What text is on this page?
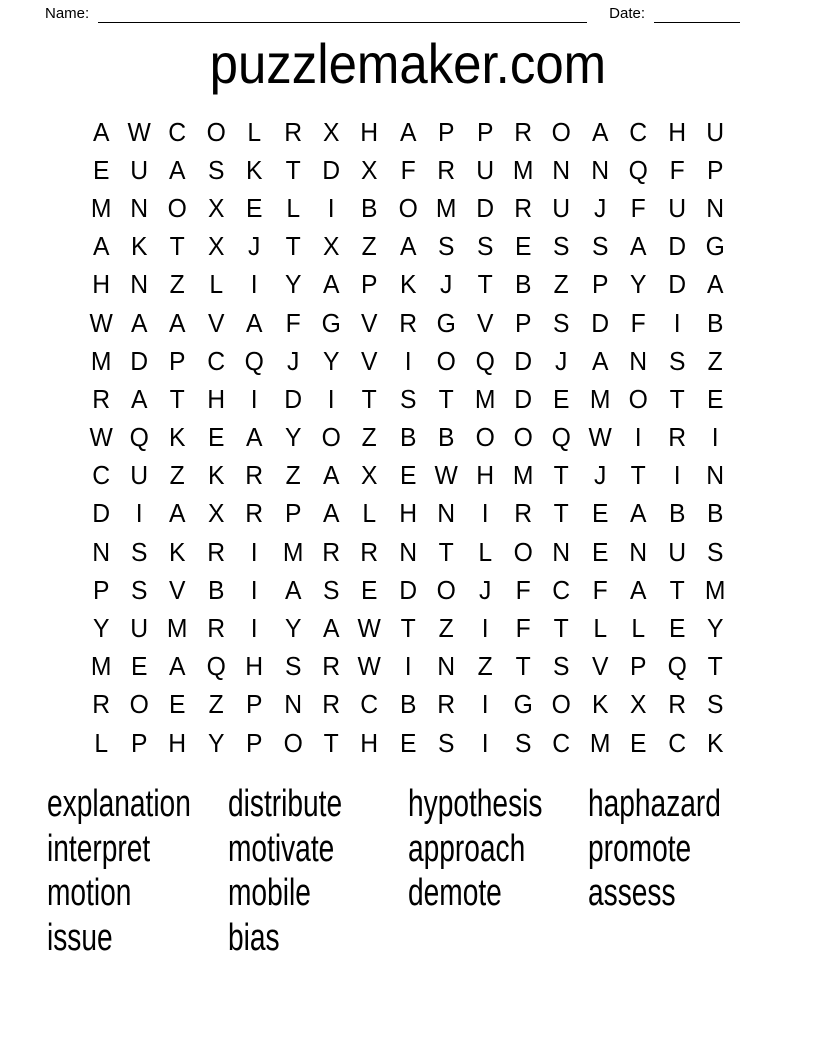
Name:	Date:
puzzlemaker.com
A W C O L R X H A P P R O A C H U
E U A S K T D X F R U M N N Q F P
M N O X E L	I	B O M D R U J F U N
A K T X J T X Z A S S E S S A D G
H N Z L	I	Y A P K J T B Z P Y D A
W A A V A F G V R G V P S D F	I	B
M D P C Q J Y V	I O Q D J A N S Z
R A T H	I	D	I	T S T M D E M O T E
W Q K E A Y O Z B B O O Q W I	R	I
C U Z K R Z A X E W H M T J T	I	N
D	I	A X R P A L H N	I	R T E A B B
N S K R	I M R R N T L O N E N U S
P S V B	I	A S E D O J F C F A T M
Y U M R	I	Y A W T Z	I	F T L L E Y
M E A Q H S R W I	N Z T S V P Q T
R O E Z P N R C B R	I G O K X R S
L P H Y P O T H E S	I	S C M E C K
explanation distribute	hypothesis	haphazard
interpret	motivate	approach	promote
motion	mobile	demote	assess
issue	bias
